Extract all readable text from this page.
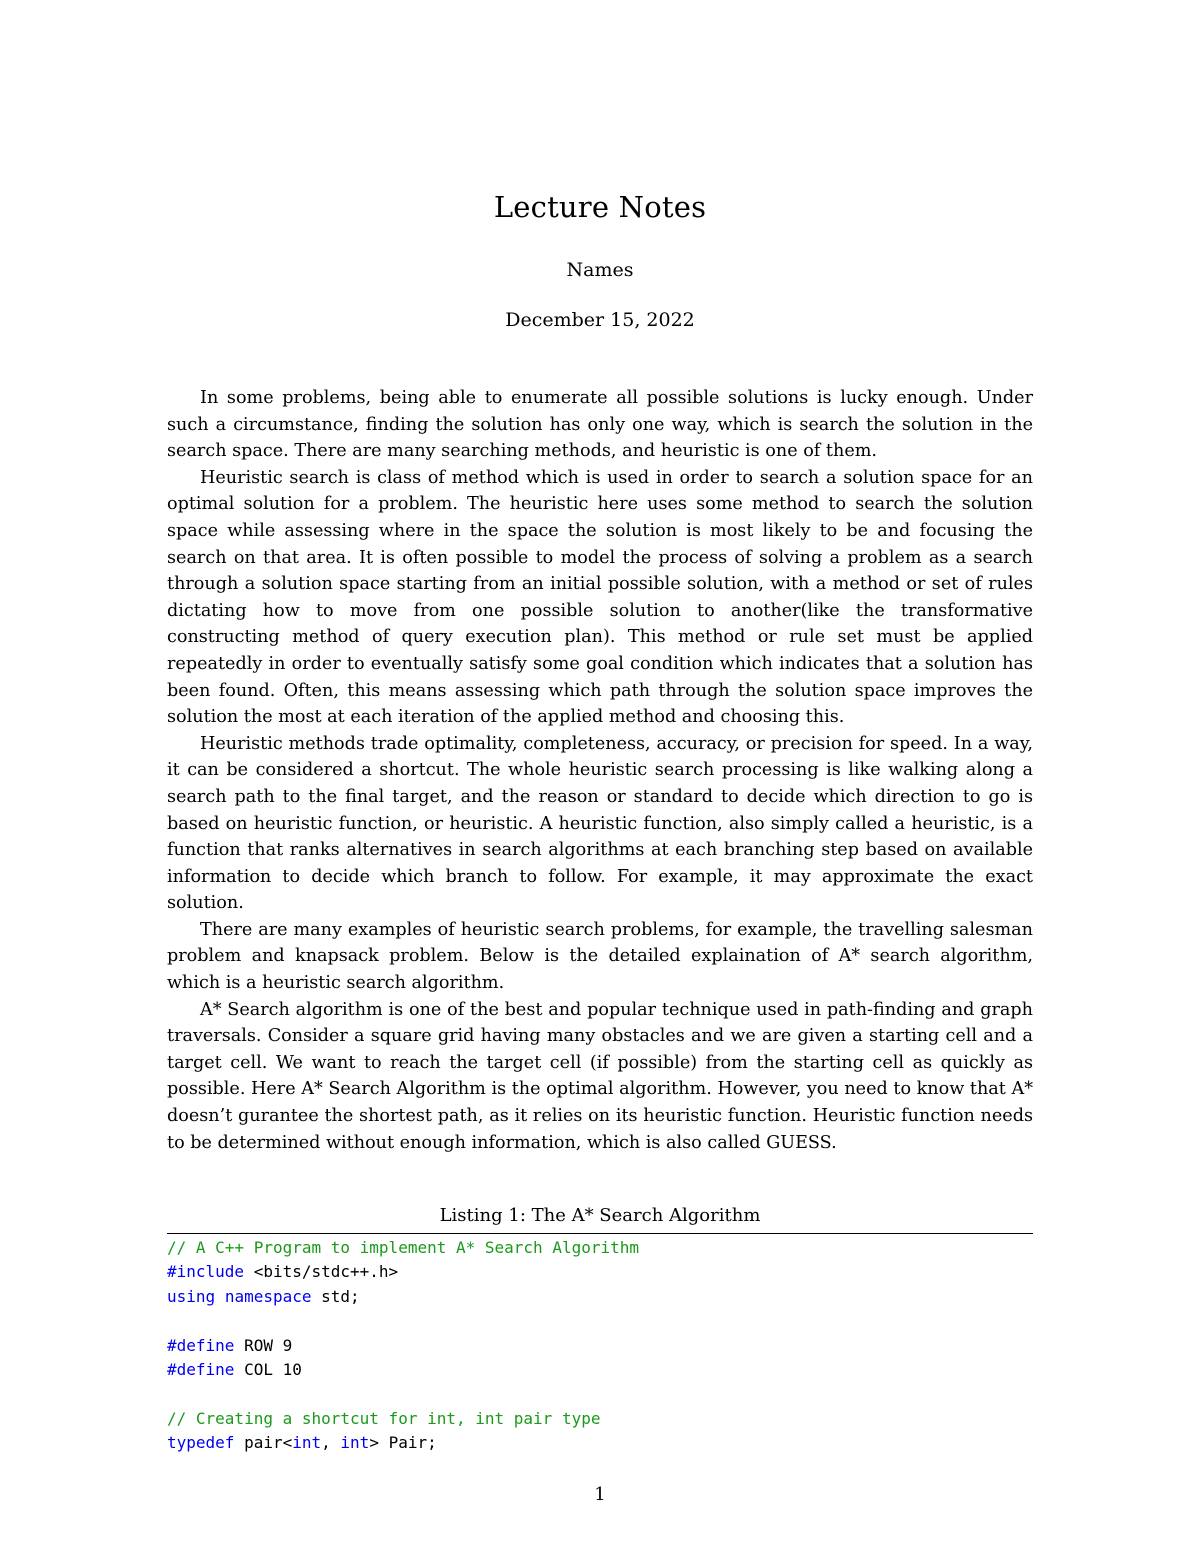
Lecture Notes
Names
December 15, 2022

In some problems, being able to enumerate all possible solutions is lucky enough. Under such a circumstance, finding the solution has only one way, which is search the solution in the search space. There are many searching methods, and heuristic is one of them.

Heuristic search is class of method which is used in order to search a solution space for an optimal solution for a problem. The heuristic here uses some method to search the solution space while assessing where in the space the solution is most likely to be and focusing the search on that area. It is often possible to model the process of solving a problem as a search through a solution space starting from an initial possible solution, with a method or set of rules dictating how to move from one possible solution to another(like the transformative constructing method of query execution plan). This method or rule set must be applied repeatedly in order to eventually satisfy some goal condition which indicates that a solution has been found. Often, this means assessing which path through the solution space improves the solution the most at each iteration of the applied method and choosing this.

Heuristic methods trade optimality, completeness, accuracy, or precision for speed. In a way, it can be considered a shortcut. The whole heuristic search processing is like walking along a search path to the final target, and the reason or standard to decide which direction to go is based on heuristic function, or heuristic. A heuristic function, also simply called a heuristic, is a function that ranks alternatives in search algorithms at each branching step based on available information to decide which branch to follow. For example, it may approximate the exact solution.

There are many examples of heuristic search problems, for example, the travelling salesman problem and knapsack problem. Below is the detailed explaination of A* search algorithm, which is a heuristic search algorithm.

A* Search algorithm is one of the best and popular technique used in path-finding and graph traversals. Consider a square grid having many obstacles and we are given a starting cell and a target cell. We want to reach the target cell (if possible) from the starting cell as quickly as possible. Here A* Search Algorithm is the optimal algorithm. However, you need to know that A* doesn’t gurantee the shortest path, as it relies on its heuristic function. Heuristic function needs to be determined without enough information, which is also called GUESS.

Listing 1: The A* Search Algorithm
// A C++ Program to implement A* Search Algorithm
#include <bits/stdc++.h>
using namespace std;
#define ROW 9
#define COL 10
// Creating a shortcut for int, int pair type
typedef pair<int, int> Pair;
1
